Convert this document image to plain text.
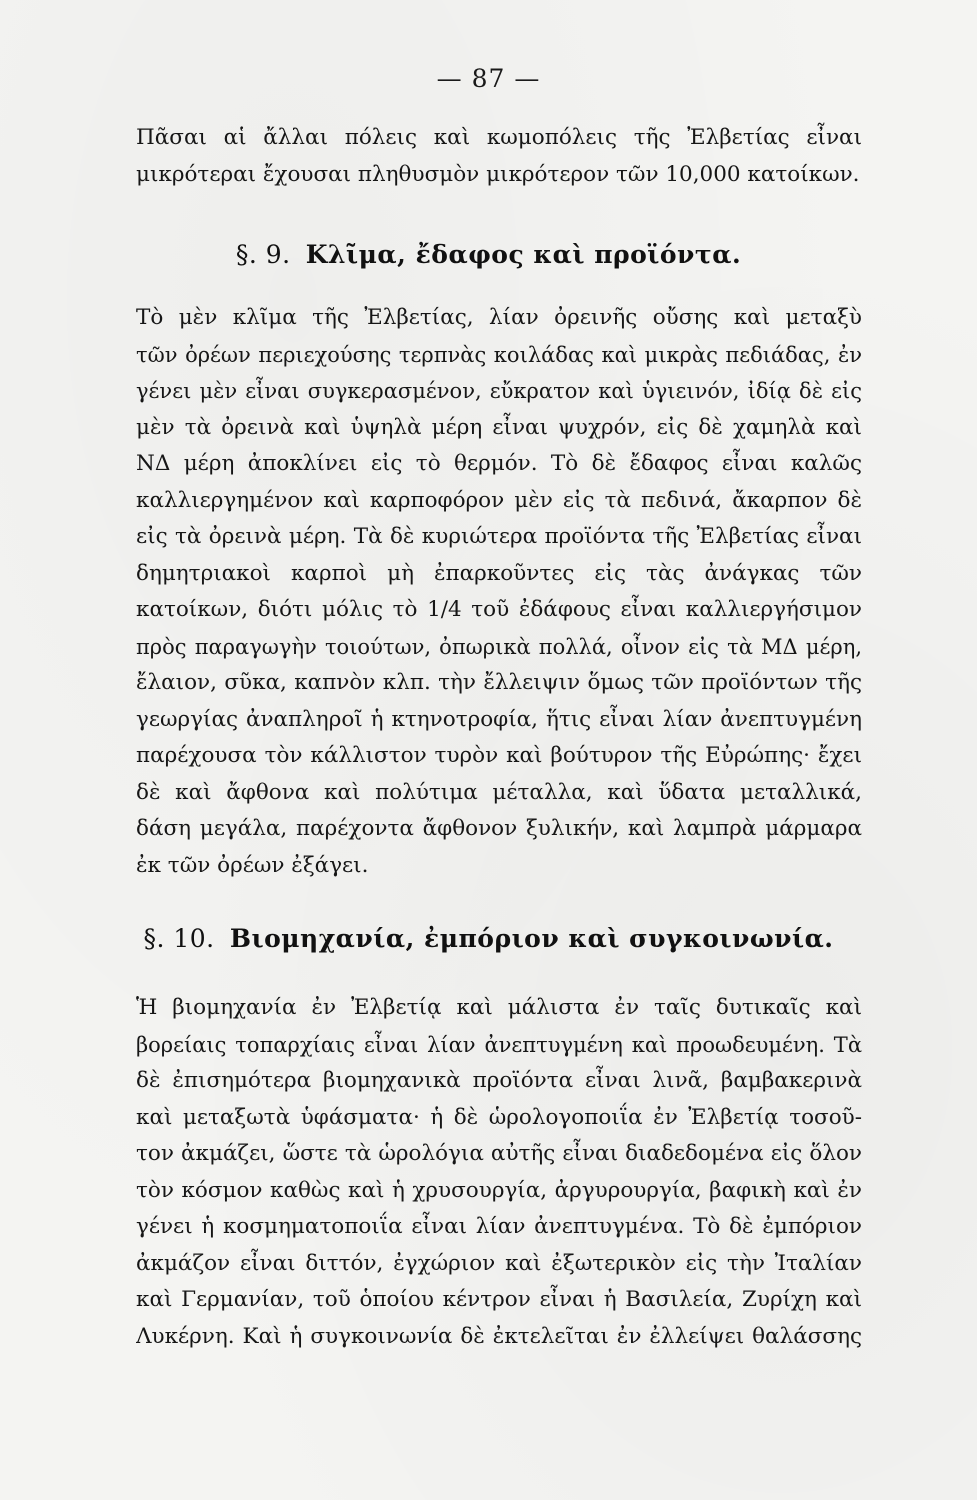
— 87 —
Πᾶσαι αἱ ἄλλαι πόλεις καὶ κωμοπόλεις τῆς Ἐλβετίας εἶναι
μικρότεραι ἔχουσαι πληθυσμὸν μικρότερον τῶν 10,000 κατοίκων.
§. 9. Κλῖμα, ἔδαφος καὶ προϊόντα.
Τὸ μὲν κλῖμα τῆς Ἐλβετίας, λίαν ὀρεινῆς οὔσης καὶ μεταξὺ
τῶν ὀρέων περιεχούσης τερπνὰς κοιλάδας καὶ μικρὰς πεδιάδας, ἐν
γένει μὲν εἶναι συγκερασμένον, εὔκρατον καὶ ὑγιεινόν, ἰδίᾳ δὲ εἰς
μὲν τὰ ὀρεινὰ καὶ ὑψηλὰ μέρη εἶναι ψυχρόν, εἰς δὲ χαμηλὰ καὶ
ΝΔ μέρη ἀποκλίνει εἰς τὸ θερμόν. Τὸ δὲ ἔδαφος εἶναι καλῶς
καλλιεργημένον καὶ καρποφόρον μὲν εἰς τὰ πεδινά, ἄκαρπον δὲ
εἰς τὰ ὀρεινὰ μέρη. Τὰ δὲ κυριώτερα προϊόντα τῆς Ἐλβετίας εἶναι
δημητριακοὶ καρποὶ μὴ ἐπαρκοῦντες εἰς τὰς ἀνάγκας τῶν
κατοίκων, διότι μόλις τὸ 1/4 τοῦ ἐδάφους εἶναι καλλιεργήσιμον
πρὸς παραγωγὴν τοιούτων, ὀπωρικὰ πολλά, οἶνον εἰς τὰ ΜΔ μέρη,
ἔλαιον, σῦκα, καπνὸν κλπ. τὴν ἔλλειψιν ὅμως τῶν προϊόντων τῆς
γεωργίας ἀναπληροῖ ἡ κτηνοτροφία, ἥτις εἶναι λίαν ἀνεπτυγμένη
παρέχουσα τὸν κάλλιστον τυρὸν καὶ βούτυρον τῆς Εὐρώπης· ἔχει
δὲ καὶ ἄφθονα καὶ πολύτιμα μέταλλα, καὶ ὕδατα μεταλλικά,
δάση μεγάλα, παρέχοντα ἄφθονον ξυλικήν, καὶ λαμπρὰ μάρμαρα
ἐκ τῶν ὀρέων ἐξάγει.
§. 10. Βιομηχανία, ἐμπόριον καὶ συγκοινωνία.
Ἡ βιομηχανία ἐν Ἐλβετίᾳ καὶ μάλιστα ἐν ταῖς δυτικαῖς καὶ
βορείαις τοπαρχίαις εἶναι λίαν ἀνεπτυγμένη καὶ προωδευμένη. Τὰ
δὲ ἐπισημότερα βιομηχανικὰ προϊόντα εἶναι λινᾶ, βαμβακερινὰ
καὶ μεταξωτὰ ὑφάσματα· ἡ δὲ ὡρολογοποιΐα ἐν Ἐλβετίᾳ τοσοῦ-
τον ἀκμάζει, ὥστε τὰ ὡρολόγια αὐτῆς εἶναι διαδεδομένα εἰς ὅλον
τὸν κόσμον καθὼς καὶ ἡ χρυσουργία, ἀργυρουργία, βαφικὴ καὶ ἐν
γένει ἡ κοσμηματοποιΐα εἶναι λίαν ἀνεπτυγμένα. Τὸ δὲ ἐμπόριον
ἀκμάζον εἶναι διττόν, ἐγχώριον καὶ ἐξωτερικὸν εἰς τὴν Ἰταλίαν
καὶ Γερμανίαν, τοῦ ὁποίου κέντρον εἶναι ἡ Βασιλεία, Ζυρίχη καὶ
Λυκέρνη. Καὶ ἡ συγκοινωνία δὲ ἐκτελεῖται ἐν ἐλλείψει θαλάσσης
